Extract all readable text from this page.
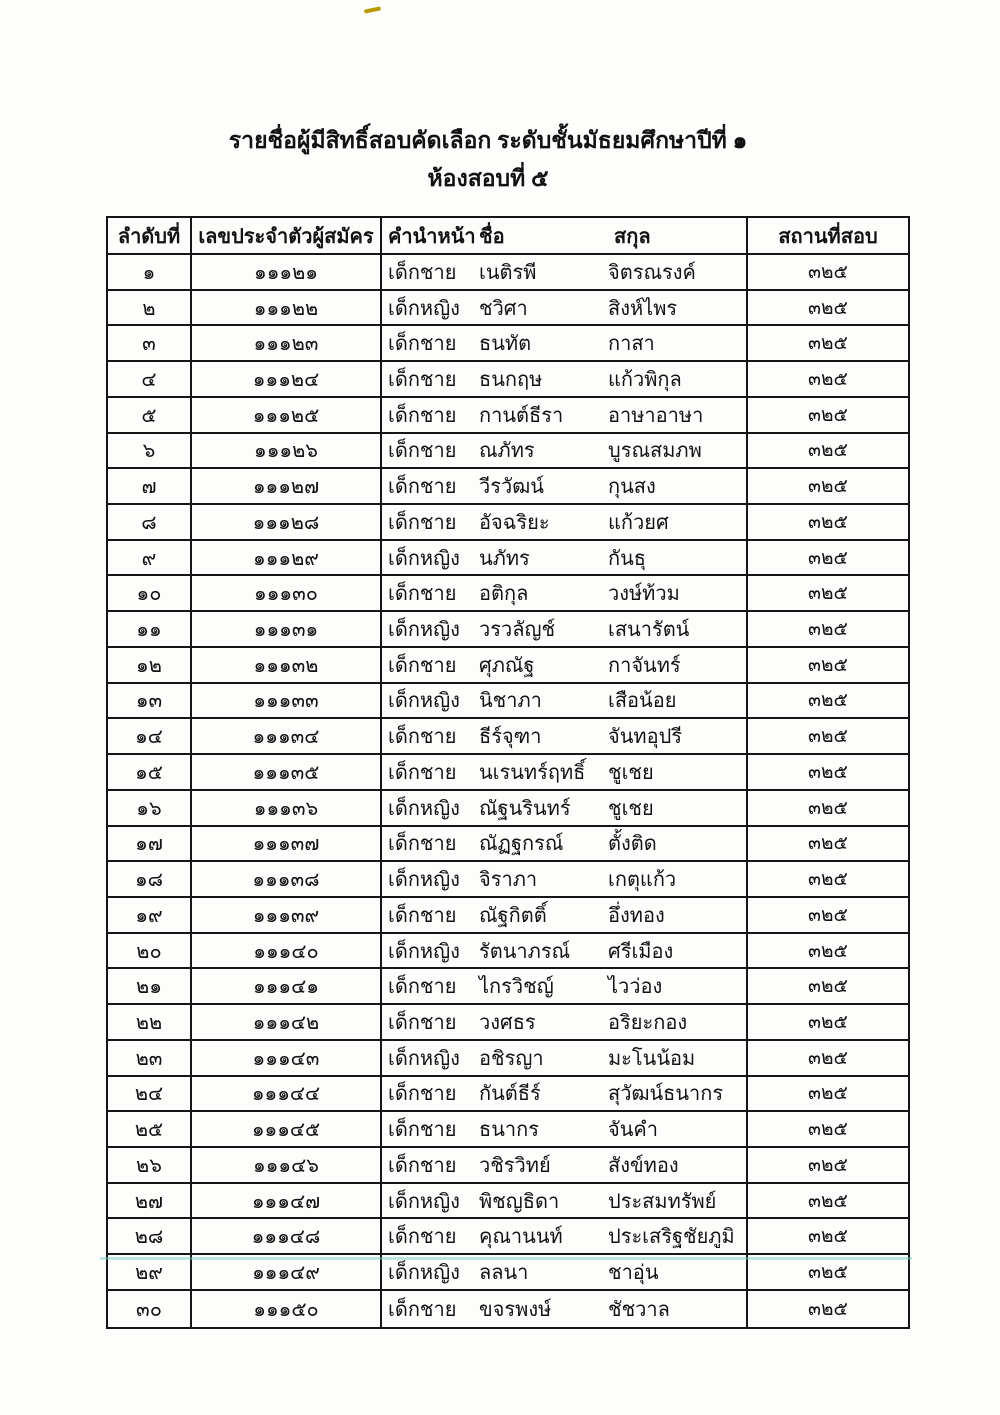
รายชื่อผู้มีสิทธิ์สอบคัดเลือก ระดับชั้นมัธยมศึกษาปีที่ ๑
ห้องสอบที่ ๕
ลำดับที่ เลขประจำตัวผู้สมัคร คำนำหน้า ชื่อ	สกุล	สถานที่สอบ
๑	๑๑๑๒๑	เด็กชาย	เนติรพี	จิตรณรงค์	๓๒๕
๒	๑๑๑๒๒	เด็กหญิง ชวิศา	สิงห์ไพร	๓๒๕
๓	๑๑๑๒๓	เด็กชาย	ธนทัต	กาสา	๓๒๕
๔	๑๑๑๒๔	เด็กชาย	ธนกฤษ	แก้วพิกุล	๓๒๕
๕	๑๑๑๒๕	เด็กชาย	กานต์ธีรา	อาษาอาษา	๓๒๕
๖	๑๑๑๒๖	เด็กชาย	ณภัทร	บูรณสมภพ	๓๒๕
๗	๑๑๑๒๗	เด็กชาย	วีรวัฒน์	กุนสง	๓๒๕
๘	๑๑๑๒๘	เด็กชาย	อัจฉริยะ	แก้วยศ	๓๒๕
๙	๑๑๑๒๙	เด็กหญิง นภัทร	กันธุ	๓๒๕
๑๐	๑๑๑๓๐	เด็กชาย	อติกุล	วงษ์ท้วม	๓๒๕
๑๑	๑๑๑๓๑	เด็กหญิง วรวลัญช์	เสนารัตน์	๓๒๕
๑๒	๑๑๑๓๒	เด็กชาย	ศุภณัฐ	กาจันทร์	๓๒๕
๑๓	๑๑๑๓๓	เด็กหญิง นิชาภา	เสือน้อย	๓๒๕
๑๔	๑๑๑๓๔	เด็กชาย	ธีร์จุฑา	จันทอุปรี	๓๒๕
๑๕	๑๑๑๓๕	เด็กชาย	นเรนทร์ฤทธิ์	ชูเชย	๓๒๕
๑๖	๑๑๑๓๖	เด็กหญิง ณัฐนรินทร์	ชูเชย	๓๒๕
๑๗	๑๑๑๓๗	เด็กชาย	ณัฏฐกรณ์	ตั้งติด	๓๒๕
๑๘	๑๑๑๓๘	เด็กหญิง จิราภา	เกตุแก้ว	๓๒๕
๑๙	๑๑๑๓๙	เด็กชาย	ณัฐกิตติ์	อึ่งทอง	๓๒๕
๒๐	๑๑๑๔๐	เด็กหญิง รัตนาภรณ์	ศรีเมือง	๓๒๕
๒๑	๑๑๑๔๑	เด็กชาย	ไกรวิชญ์	ไวว่อง	๓๒๕
๒๒	๑๑๑๔๒	เด็กชาย	วงศธร	อริยะกอง	๓๒๕
๒๓	๑๑๑๔๓	เด็กหญิง อชิรญา	มะโนน้อม	๓๒๕
๒๔	๑๑๑๔๔	เด็กชาย	กันต์ธีร์	สุวัฒน์ธนากร	๓๒๕
๒๕	๑๑๑๔๕	เด็กชาย	ธนากร	จันคำ	๓๒๕
๒๖	๑๑๑๔๖	เด็กชาย	วชิรวิทย์	สังข์ทอง	๓๒๕
๒๗	๑๑๑๔๗	เด็กหญิง พิชญธิดา	ประสมทรัพย์	๓๒๕
๒๘	๑๑๑๔๘	เด็กชาย	คุณานนท์	ประเสริฐชัยภูมิ	๓๒๕
๒๙	๑๑๑๔๙	เด็กหญิง ลลนา	ชาอุ่น	๓๒๕
๓๐	๑๑๑๕๐	เด็กชาย	ขจรพงษ์	ชัชวาล	๓๒๕
